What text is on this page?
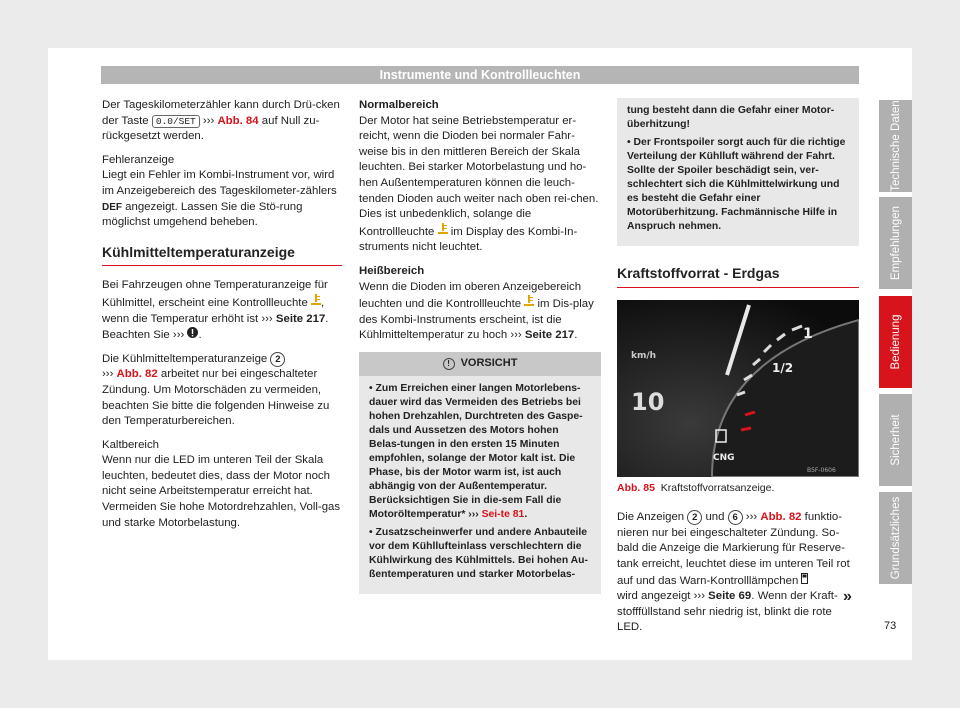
Instrumente und Kontrollleuchten

Der Tageskilometerzähler kann durch Drü-cken der Taste 0.0/SET ››› Abb. 84 auf Null zu-rückgesetzt werden.

Fehleranzeige

Liegt ein Fehler im Kombi-Instrument vor, wird im Anzeigebereich des Tageskilometer-zählers DEF angezeigt. Lassen Sie die Stö-rung möglichst umgehend beheben.

Kühlmitteltemperaturanzeige

Bei Fahrzeugen ohne Temperaturanzeige für Kühlmittel, erscheint eine Kontrollleuchte , wenn die Temperatur erhöht ist ››› Seite 217. Beachten Sie ››› .

Die Kühlmitteltemperaturanzeige 2
››› Abb. 82 arbeitet nur bei eingeschalteter Zündung. Um Motorschäden zu vermeiden, beachten Sie bitte die folgenden Hinweise zu den Temperaturbereichen.

Kaltbereich

Wenn nur die LED im unteren Teil der Skala leuchten, bedeutet dies, dass der Motor noch nicht seine Arbeitstemperatur erreicht hat. Vermeiden Sie hohe Motordrehzahlen, Voll-gas und starke Motorbelastung.

Normalbereich

Der Motor hat seine Betriebstemperatur er-reicht, wenn die Dioden bei normaler Fahr-weise bis in den mittleren Bereich der Skala leuchten. Bei starker Motorbelastung und ho-hen Außentemperaturen können die leuch-tenden Dioden auch weiter nach oben rei-chen. Dies ist unbedenklich, solange die Kontrollleuchte  im Display des Kombi-In-struments nicht leuchtet.

Heißbereich

Wenn die Dioden im oberen Anzeigebereich leuchten und die Kontrollleuchte  im Dis-play des Kombi-Instruments erscheint, ist die Kühlmitteltemperatur zu hoch ››› Seite 217.

! VORSICHT

• Zum Erreichen einer langen Motorlebens-dauer wird das Vermeiden des Betriebs bei hohen Drehzahlen, Durchtreten des Gaspe-dals und Aussetzen des Motors hohen Belas-tungen in den ersten 15 Minuten empfohlen, solange der Motor kalt ist. Die Phase, bis der Motor warm ist, ist auch abhängig von der Außentemperatur. Berücksichtigen Sie in die-sem Fall die Motoröltemperatur* ››› Sei-te 81.

• Zusatzscheinwerfer und andere Anbauteile vor dem Kühllufteinlass verschlechtern die Kühlwirkung des Kühlmittels. Bei hohen Au-ßentemperaturen und starker Motorbelas-

tung besteht dann die Gefahr einer Motor-überhitzung!

• Der Frontspoiler sorgt auch für die richtige Verteilung der Kühlluft während der Fahrt. Sollte der Spoiler beschädigt sein, ver-schlechtert sich die Kühlmittelwirkung und es besteht die Gefahr einer Motorüberhitzung. Fachmännische Hilfe in Anspruch nehmen.

Kraftstoffvorrat - Erdgas
km/h
10
1
1/2
CNG
B5F-0606
Abb. 85 Kraftstoffvorratsanzeige.

Die Anzeigen 2 und 6 ››› Abb. 82 funktio-nieren nur bei eingeschalteter Zündung. So-bald die Anzeige die Markierung für Reserve-tank erreicht, leuchtet diese im unteren Teil rot auf und das Warn-Kontrolllämpchen
wird angezeigt ››› Seite 69. Wenn der Kraft-stofffüllstand sehr niedrig ist, blinkt die rote LED.

Technische Daten
Empfehlungen
Bedienung
Sicherheit
Grundsätzliches
»
73
